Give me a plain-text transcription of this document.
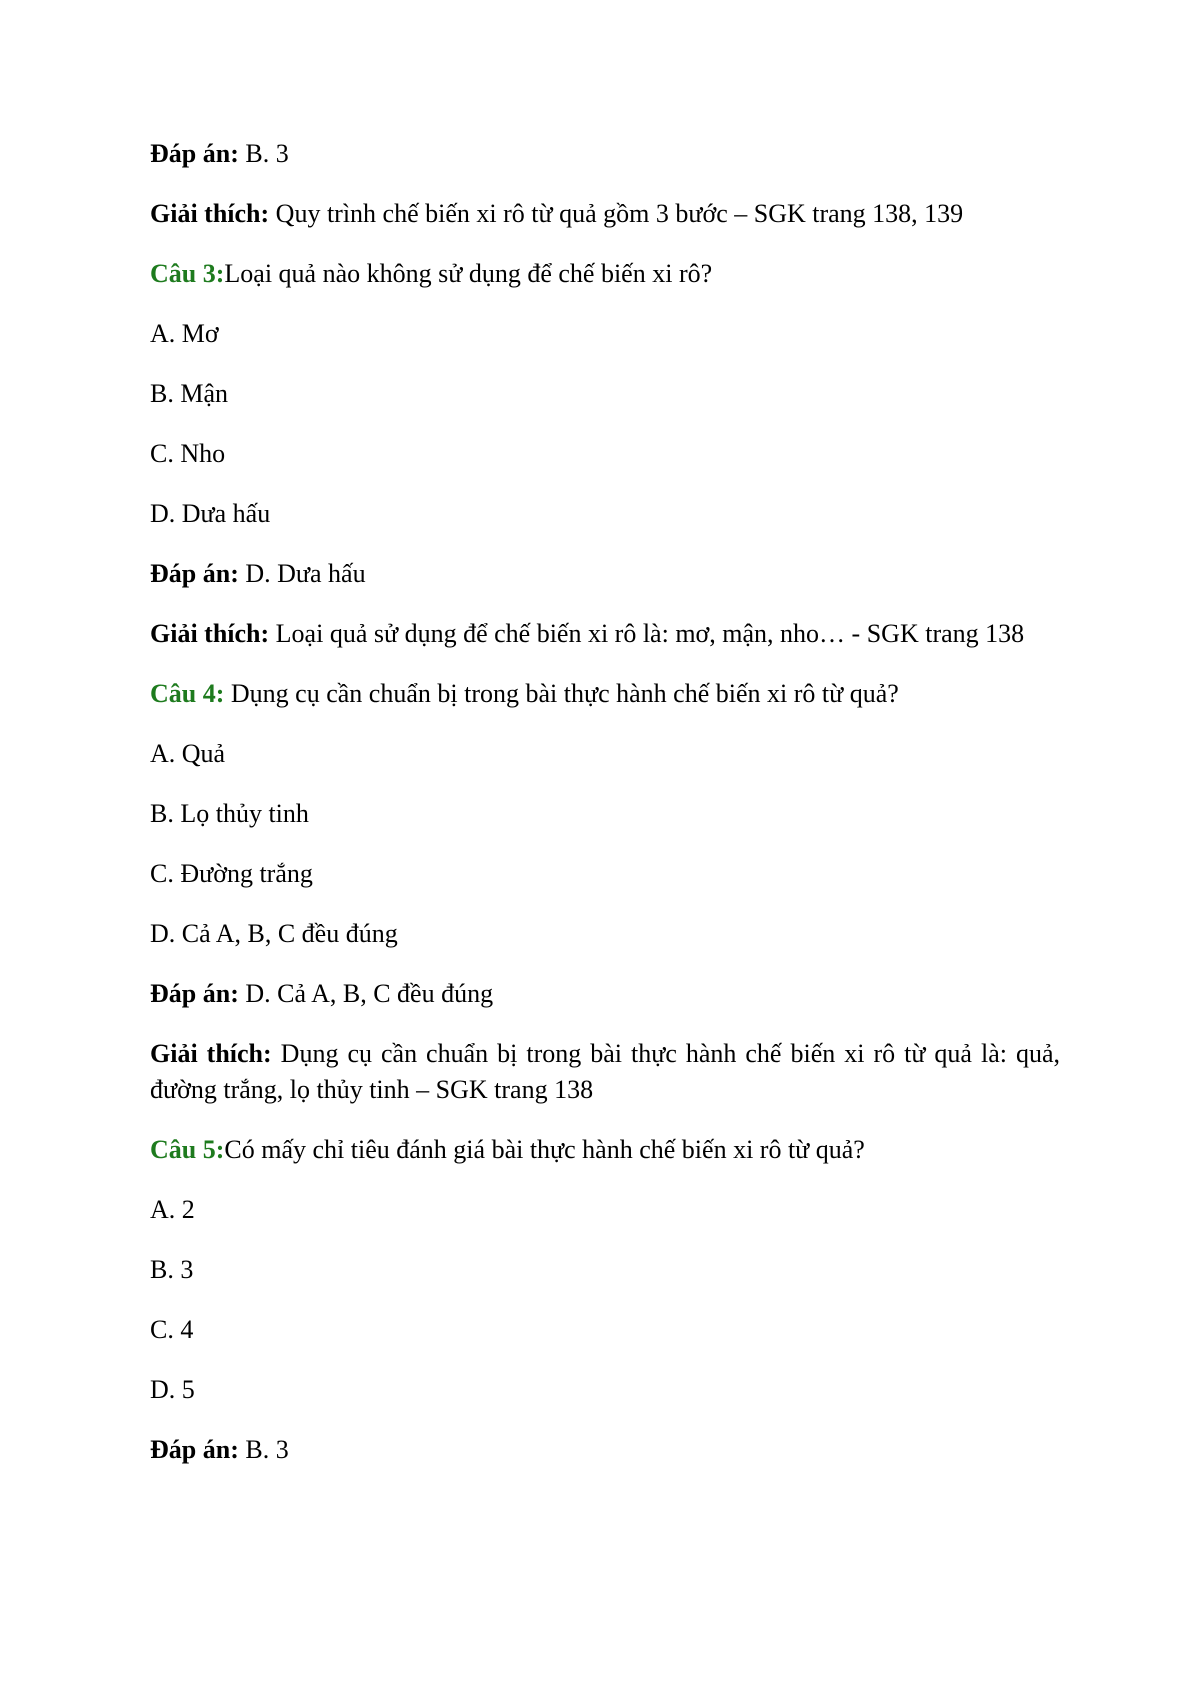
Đáp án: B. 3

Giải thích: Quy trình chế biến xi rô từ quả gồm 3 bước – SGK trang 138, 139

Câu 3:Loại quả nào không sử dụng để chế biến xi rô?

A. Mơ

B. Mận

C. Nho

D. Dưa hấu

Đáp án: D. Dưa hấu

Giải thích: Loại quả sử dụng để chế biến xi rô là: mơ, mận, nho… - SGK trang 138

Câu 4: Dụng cụ cần chuẩn bị trong bài thực hành chế biến xi rô từ quả?

A. Quả

B. Lọ thủy tinh

C. Đường trắng

D. Cả A, B, C đều đúng

Đáp án: D. Cả A, B, C đều đúng

Giải thích: Dụng cụ cần chuẩn bị trong bài thực hành chế biến xi rô từ quả là: quả, đường trắng, lọ thủy tinh – SGK trang 138

Câu 5:Có mấy chỉ tiêu đánh giá bài thực hành chế biến xi rô từ quả?

A. 2

B. 3

C. 4

D. 5

Đáp án: B. 3
